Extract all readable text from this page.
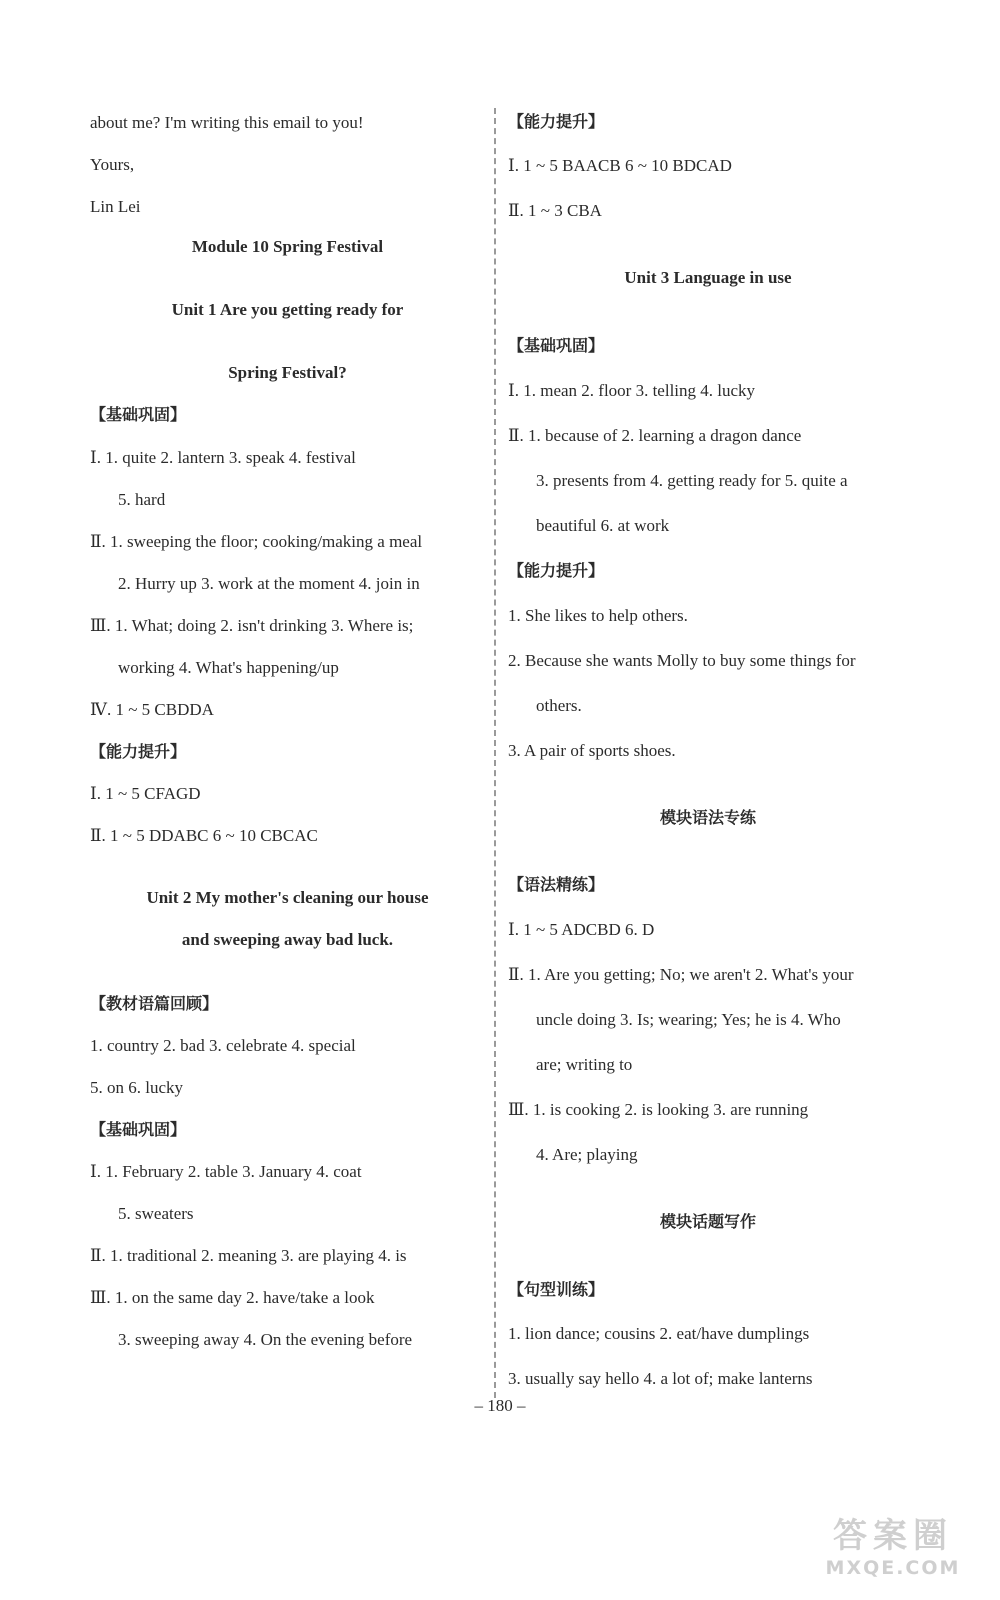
about me? I'm writing this email to you!
Yours,
Lin Lei
Module 10 Spring Festival
Unit 1 Are you getting ready for
Spring Festival?
【基础巩固】
Ⅰ. 1. quite 2. lantern 3. speak 4. festival
5. hard
Ⅱ. 1. sweeping the floor; cooking/making a meal
2. Hurry up 3. work at the moment 4. join in
Ⅲ. 1. What; doing 2. isn't drinking 3. Where is;
working 4. What's happening/up
Ⅳ. 1 ~ 5 CBDDA
【能力提升】
Ⅰ. 1 ~ 5 CFAGD
Ⅱ. 1 ~ 5 DDABC 6 ~ 10 CBCAC
Unit 2 My mother's cleaning our house
and sweeping away bad luck.
【教材语篇回顾】
1. country 2. bad 3. celebrate 4. special
5. on 6. lucky
【基础巩固】
Ⅰ. 1. February 2. table 3. January 4. coat
5. sweaters
Ⅱ. 1. traditional 2. meaning 3. are playing 4. is
Ⅲ. 1. on the same day 2. have/take a look
3. sweeping away 4. On the evening before
【能力提升】
Ⅰ. 1 ~ 5 BAACB 6 ~ 10 BDCAD
Ⅱ. 1 ~ 3 CBA
Unit 3 Language in use
【基础巩固】
Ⅰ. 1. mean 2. floor 3. telling 4. lucky
Ⅱ. 1. because of 2. learning a dragon dance
3. presents from 4. getting ready for 5. quite a
beautiful 6. at work
【能力提升】
1. She likes to help others.
2. Because she wants Molly to buy some things for
others.
3. A pair of sports shoes.
模块语法专练
【语法精练】
Ⅰ. 1 ~ 5 ADCBD 6. D
Ⅱ. 1. Are you getting; No; we aren't 2. What's your
uncle doing 3. Is; wearing; Yes; he is 4. Who
are; writing to
Ⅲ. 1. is cooking 2. is looking 3. are running
4. Are; playing
模块话题写作
【句型训练】
1. lion dance; cousins 2. eat/have dumplings
3. usually say hello 4. a lot of; make lanterns
– 180 –
答案圈
MXQE.COM
